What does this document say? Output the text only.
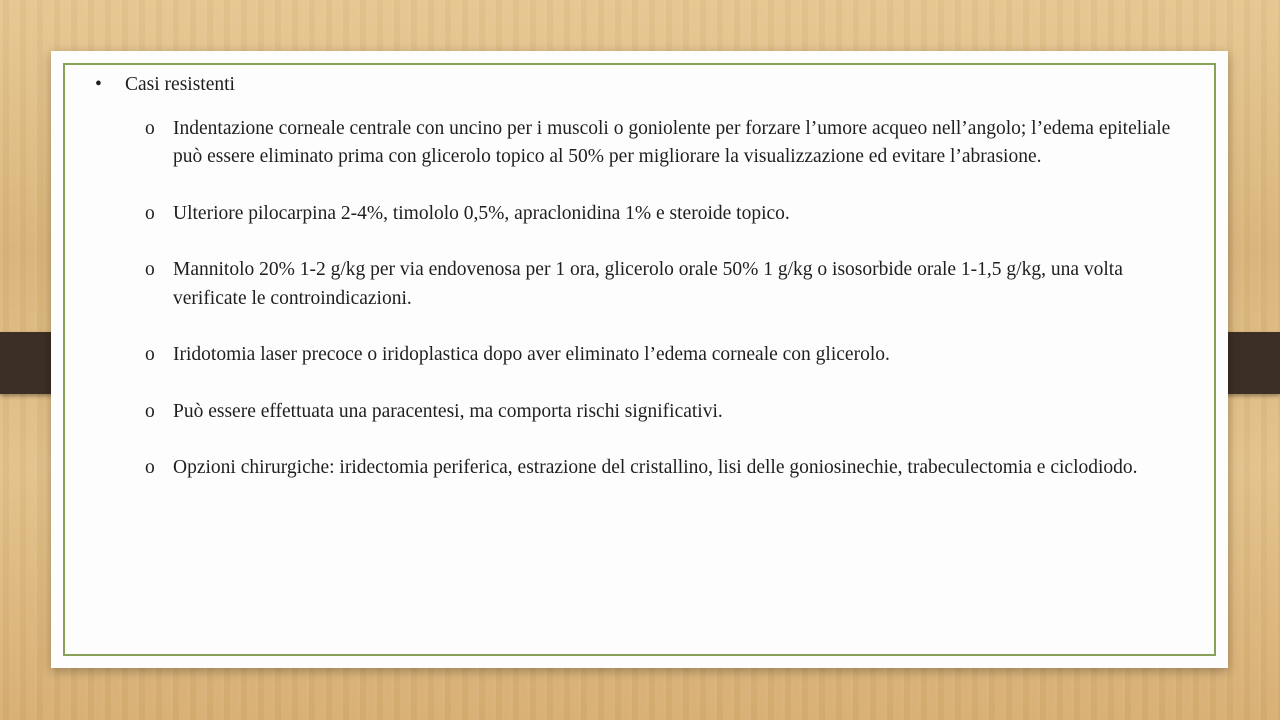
• Casi resistenti
o Indentazione corneale centrale con uncino per i muscoli o goniolente per forzare l’umore acqueo nell’angolo; l’edema epiteliale può essere eliminato prima con glicerolo topico al 50% per migliorare la visualizzazione ed evitare l’abrasione.
o Ulteriore pilocarpina 2-4%, timololo 0,5%, apraclonidina 1% e steroide topico.
o Mannitolo 20% 1-2 g/kg per via endovenosa per 1 ora, glicerolo orale 50% 1 g/kg o isosorbide orale 1-1,5 g/kg, una volta verificate le controindicazioni.
o Iridotomia laser precoce o iridoplastica dopo aver eliminato l’edema corneale con glicerolo.
o Può essere effettuata una paracentesi, ma comporta rischi significativi.
o Opzioni chirurgiche: iridectomia periferica, estrazione del cristallino, lisi delle goniosinechie, trabeculectomia e ciclodiodo.
